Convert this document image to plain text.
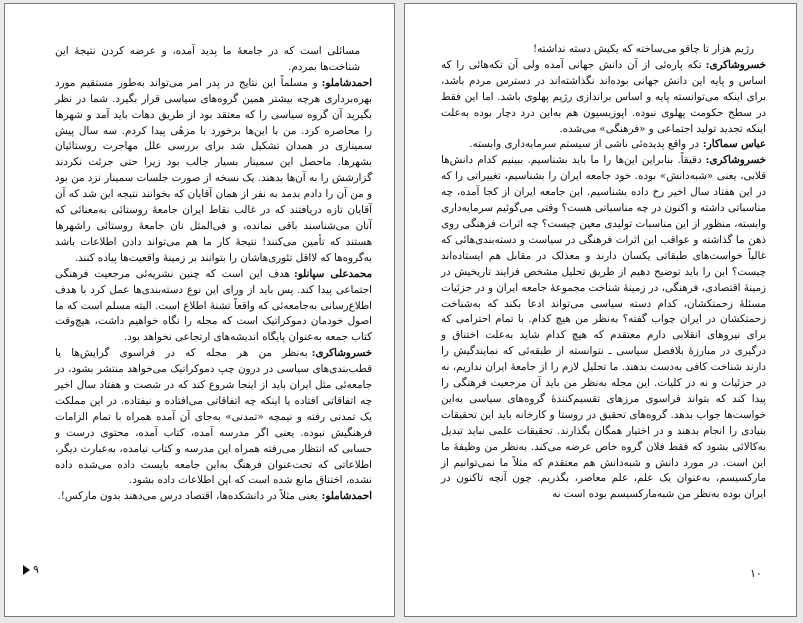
مسائلی است که در جامعهٔ ما پدید آمده، و عرضه کردن نتیجهٔ این شناخت‌ها بمردم.

احمدشاملو:و مسلماً این نتایج در پدر امر می‌تواند به‌طور مستقیم مورد بهره‌برداری هرچه بیشتر همین گروه‌های سیاسی قرار بگیرد. شما در نظر بگیرید آن گروه سیاسی را که معتقد بود از طریق دهات باید آمد و شهرها را محاصره کرد. من با این‌ها برخورد با مزهٔی پیدا کردم. سه سال پیش سمیناری در همدان تشکیل شد برای بررسی علل مهاجرت روستائیان بشهرها. ماحصل این سمینار بسیار جالب بود زیرا حتی جرئت نکردند گزارشش را به آن‌ها بدهند. یک نسخه از صورت جلسات سمینار نزد من بود و من آن را دادم بدمد به نفر از همان آقایان که بخوانند نتیجه این شد که آن آقایان تازه دریافتند که در غالب نقاط ایران جامعهٔ روستائی به‌معنائی که آنان می‌شناسند باقی نمانده، و فی‌المثل نان جامعهٔ روستائی راشهرها هستند که تأمین می‌کنند! نتیجهٔ کار ما هم می‌تواند دادن اطلاعات باشد به‌گروه‌ها که لااقل تئوری‌هاشان را بتوانند بر زمینهٔ واقعیت‌ها پیاده کنند.

محمدعلی سپانلو:هدف این است که چنین نشریه‌ئی مرجعیت فرهنگی اجتماعی پیدا کند. پس باید از ورای این نوع دسته‌بندی‌ها عمل کرد با هدف اطلاع‌رسانی به‌جامعه‌ئی که واقعاً تشنهٔ اطلاع است. البته مسلم است که ما اصول خودمان دموکراتیک است که مجله را نگاه خواهیم داشت، هیچ‌وقت کتاب جمعه به‌عنوان پایگاه اندیشه‌های ارتجاعی نخواهد بود.

خسروشاکری:به‌نظر من هر مجله که در فراسوی گرایش‌ها یا قطب‌بندی‌های سیاسی در درون چپ دموکراتیک می‌خواهد منتشر بشود، در جامعه‌ئی مثل ایران باید از اینجا شروع کند که در شصت و هفتاد سال اخیر چه اتفاقاتی افتاده یا اینکه چه اتفاقاتی می‌افتاده و نیفتاده. در این مملکت یک تمدنی رفته و نیمچه «تمدنی» به‌جای آن آمده همراه با تمام الزامات فرهنگیش نبوده. یعنی اگر مدرسه آمده، کتاب آمده، محتوی درست و حسابی که انتظار می‌رفته همراه این مدرسه و کتاب نیامده، به‌عبارت دیگر، اطلاعاتی که تحت‌عنوان فرهنگ به‌این جامعه بایست داده می‌شده داده نشده، اختناق مانع شده است که این اطلاعات داده بشود.

احمدشاملو:یعنی مثلاً در دانشکده‌ها، اقتصاد درس می‌دهند بدون مارکس!.

۹

رژیم هزار تا چاقو می‌ساخته که یکیش دسته نداشته!

خسروشاکری:تکه پاره‌ئی از آن دانش جهانی آمده ولی آن تکه‌هائی را که اساس و پایه این دانش جهانی بوده‌اند نگذاشته‌اند در دسترس مردم باشد، برای اینکه می‌توانسته پایه و اساس براندازی رژیم پهلوی باشد. اما این فقط در سطح حکومت پهلوی نبوده. اپوزیسیون هم به‌این درد دچار بوده به‌علت اینکه تجدید تولید اجتماعی و «فرهنگی» می‌شده.

عباس سماکار:در واقع پدیده‌ئی ناشی از سیستم سرمایه‌داری وابسته.

خسروشاکری:دقیقاً. بنابراین این‌ها را ما باید بشناسیم. ببینیم کدام دانش‌ها قلابی، یعنی «شبه‌دانش» بوده. خود جامعه ایران را بشناسیم، تغییراتی را که در این هفتاد سال اخیر رخ داده بشناسیم. این جامعه ایران از کجا آمده، چه مناسباتی داشته و اکنون در چه مناسباتی هست؟ وقتی می‌گوئیم سرمایه‌داری وابسته، منظور از این مناسبات تولیدی معین چیست؟ چه اثرات فرهنگی روی ذهن ما گذاشته و عواقب این اثرات فرهنگی در سیاست و دسته‌بندی‌هائی که غالباً خواست‌های طبقاتی یکسان دارند و معذلک در مقابل هم ایستاده‌اند چیست؟ این را باید توضیح دهیم از طریق تحلیل مشخص فرایند تاریخیش در زمینهٔ اقتصادی، فرهنگی، در زمینهٔ شناخت مجموعهٔ جامعه ایران و در جزئیات مسئلهٔ زحمتکشان، کدام دسته سیاسی می‌تواند ادعا بکند که به‌شناخت زحمتکشان در ایران چواب گفته؟ به‌نظر من هیچ کدام. با تمام احترامی که برای نیروهای انقلابی دارم معتقدم که هیچ کدام شاید به‌علت اختناق و درگیری در مبارزهٔ بلافصل سیاسی ـ نتوانسته از طبقه‌ئی که نمایندگیش را دارند شناخت کافی به‌دست بدهند. ما تحلیل لازم را از جامعهٔ ایران نداریم، نه در جزئیات و نه در کلیات. این مجله به‌نظر من باید آن مرجعیت فرهنگی را پیدا کند که بتواند فراسوی مرزهای تقسیم‌کنندهٔ گروه‌های سیاسی به‌این خواست‌ها جواب بدهد. گروه‌های تحقیق در روستا و کارخانه باید این تحقیقات بنیادی را انجام بدهند و در اختیار همگان بگذارند. تحقیقات علمی نباید تبدیل به‌کالائی بشود که فقط فلان گروه خاص عرضه می‌کند. به‌نظر من وظیفهٔ ما این است. در مورد دانش و شبه‌دانش هم معتقدم که مثلاً ما نمی‌توانیم از مارکسیسم، به‌عنوان یک علم، علم معاصر، بگذریم. چون آنچه تاکنون در ایران بوده به‌نظر من شبه‌مارکسیسم بوده است نه

۱۰
